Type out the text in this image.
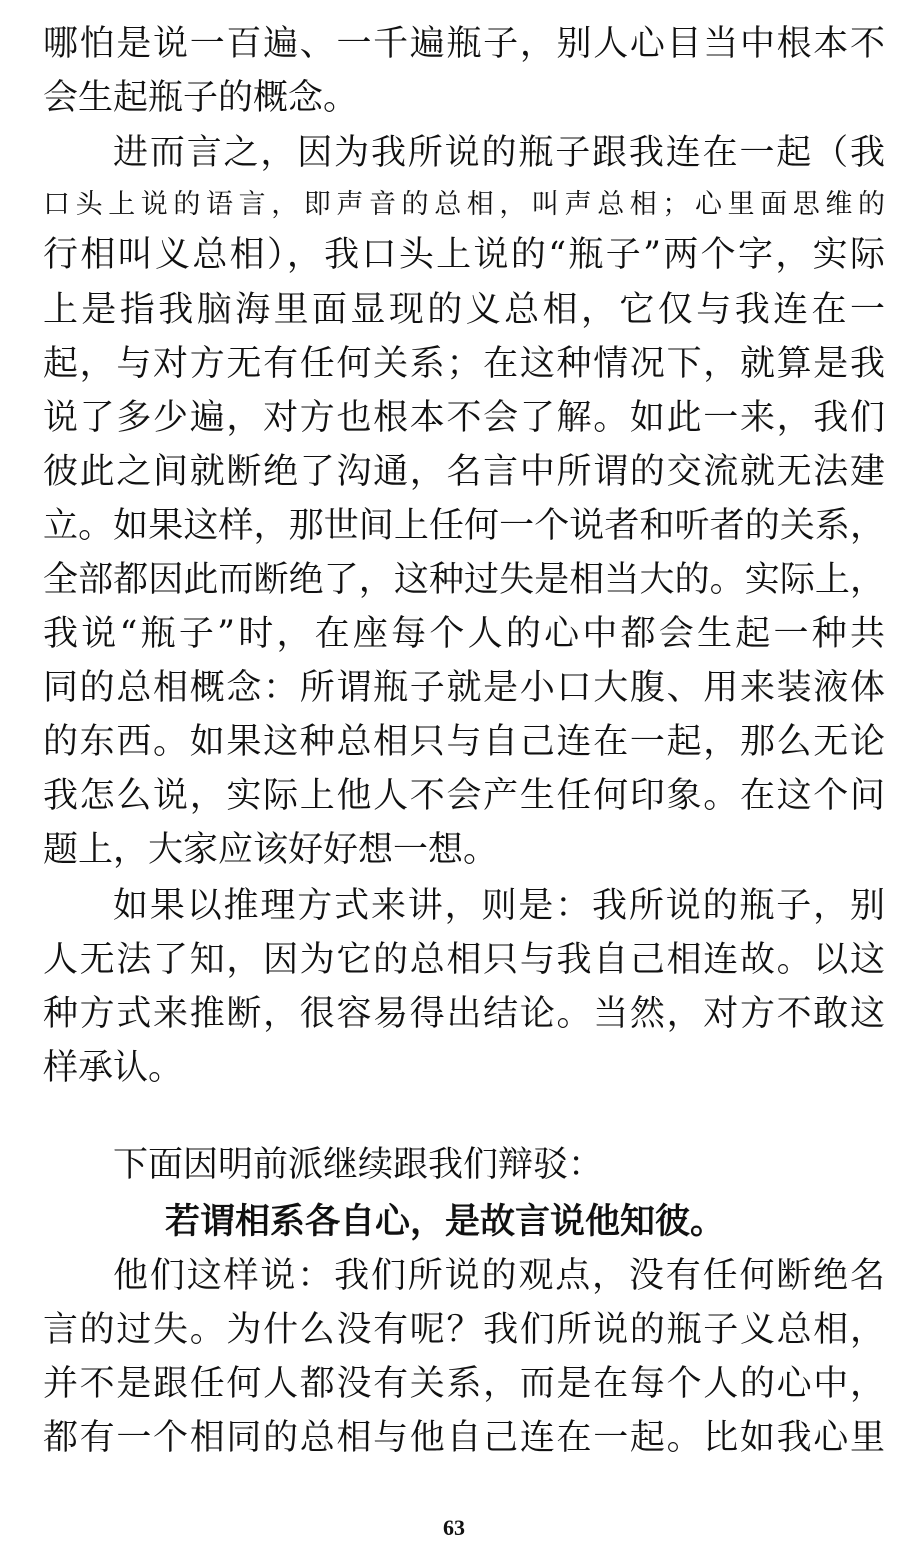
哪怕是说一百遍、一千遍瓶子，别人心目当中根本不
会生起瓶子的概念。
进而言之，因为我所说的瓶子跟我连在一起（我
口头上说的语言，即声音的总相，叫声总相；心里面思维的
行相叫义总相），我口头上说的“瓶子”两个字，实际
上是指我脑海里面显现的义总相，它仅与我连在一
起，与对方无有任何关系；在这种情况下，就算是我
说了多少遍，对方也根本不会了解。如此一来，我们
彼此之间就断绝了沟通，名言中所谓的交流就无法建
立。如果这样，那世间上任何一个说者和听者的关系，
全部都因此而断绝了，这种过失是相当大的。实际上，
我说“瓶子”时，在座每个人的心中都会生起一种共
同的总相概念：所谓瓶子就是小口大腹、用来装液体
的东西。如果这种总相只与自己连在一起，那么无论
我怎么说，实际上他人不会产生任何印象。在这个问
题上，大家应该好好想一想。
如果以推理方式来讲，则是：我所说的瓶子，别
人无法了知，因为它的总相只与我自己相连故。以这
种方式来推断，很容易得出结论。当然，对方不敢这
样承认。
下面因明前派继续跟我们辩驳：
若谓相系各自心，是故言说他知彼。
他们这样说：我们所说的观点，没有任何断绝名
言的过失。为什么没有呢？我们所说的瓶子义总相，
并不是跟任何人都没有关系，而是在每个人的心中，
都有一个相同的总相与他自己连在一起。比如我心里
63
